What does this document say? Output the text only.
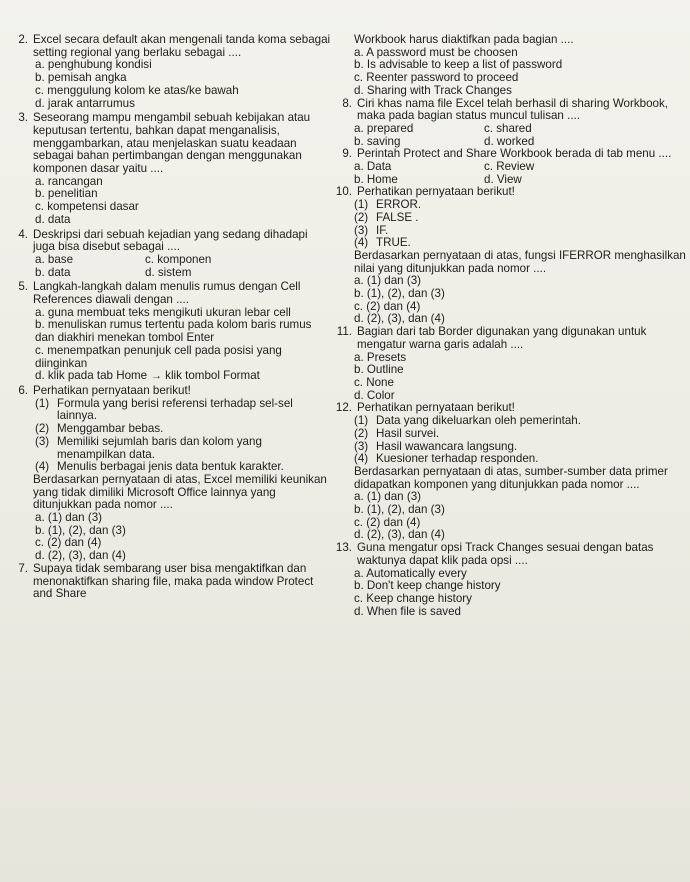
2. Excel secara default akan mengenali tanda koma sebagai setting regional yang berlaku sebagai ....
a. penghubung kondisi
b. pemisah angka
c. menggulung kolom ke atas/ke bawah
d. jarak antarrumus
3. Seseorang mampu mengambil sebuah kebijakan atau keputusan tertentu, bahkan dapat menganalisis, menggambarkan, atau menjelaskan suatu keadaan sebagai bahan pertimbangan dengan menggunakan komponen dasar yaitu ....
a. rancangan
b. penelitian
c. kompetensi dasar
d. data
4. Deskripsi dari sebuah kejadian yang sedang dihadapi juga bisa disebut sebagai ....
a. base	c. komponen
b. data	d. sistem
5. Langkah-langkah dalam menulis rumus dengan Cell References diawali dengan ....
a. guna membuat teks mengikuti ukuran lebar cell
b. menuliskan rumus tertentu pada kolom baris rumus dan diakhiri menekan tombol Enter
c. menempatkan penunjuk cell pada posisi yang diinginkan
d. klik pada tab Home → klik tombol Format
6. Perhatikan pernyataan berikut!
(1) Formula yang berisi referensi terhadap sel-sel lainnya.
(2) Menggambar bebas.
(3) Memiliki sejumlah baris dan kolom yang menampilkan data.
(4) Menulis berbagai jenis data bentuk karakter.
Berdasarkan pernyataan di atas, Excel memiliki keunikan yang tidak dimiliki Microsoft Office lainnya yang ditunjukkan pada nomor ....
a. (1) dan (3)
b. (1), (2), dan (3)
c. (2) dan (4)
d. (2), (3), dan (4)
7. Supaya tidak sembarang user bisa mengaktifkan dan menonaktifkan sharing file, maka pada window Protect and Share
Workbook harus diaktifkan pada bagian ....
a. A password must be choosen
b. Is advisable to keep a list of password
c. Reenter password to proceed
d. Sharing with Track Changes
8. Ciri khas nama file Excel telah berhasil di sharing Workbook, maka pada bagian status muncul tulisan ....
a. prepared	c. shared
b. saving	d. worked
9. Perintah Protect and Share Workbook berada di tab menu ....
a. Data	c. Review
b. Home	d. View
10. Perhatikan pernyataan berikut!
(1) ERROR.
(2) FALSE .
(3) IF.
(4) TRUE.
Berdasarkan pernyataan di atas, fungsi IFERROR menghasilkan nilai yang ditunjukkan pada nomor ....
a. (1) dan (3)
b. (1), (2), dan (3)
c. (2) dan (4)
d. (2), (3), dan (4)
11. Bagian dari tab Border digunakan yang digunakan untuk mengatur warna garis adalah ....
a. Presets
b. Outline
c. None
d. Color
12. Perhatikan pernyataan berikut!
(1) Data yang dikeluarkan oleh pemerintah.
(2) Hasil survei.
(3) Hasil wawancara langsung.
(4) Kuesioner terhadap responden.
Berdasarkan pernyataan di atas, sumber-sumber data primer didapatkan komponen yang ditunjukkan pada nomor ....
a. (1) dan (3)
b. (1), (2), dan (3)
c. (2) dan (4)
d. (2), (3), dan (4)
13. Guna mengatur opsi Track Changes sesuai dengan batas waktunya dapat klik pada opsi ....
a. Automatically every
b. Don't keep change history
c. Keep change history
d. When file is saved
